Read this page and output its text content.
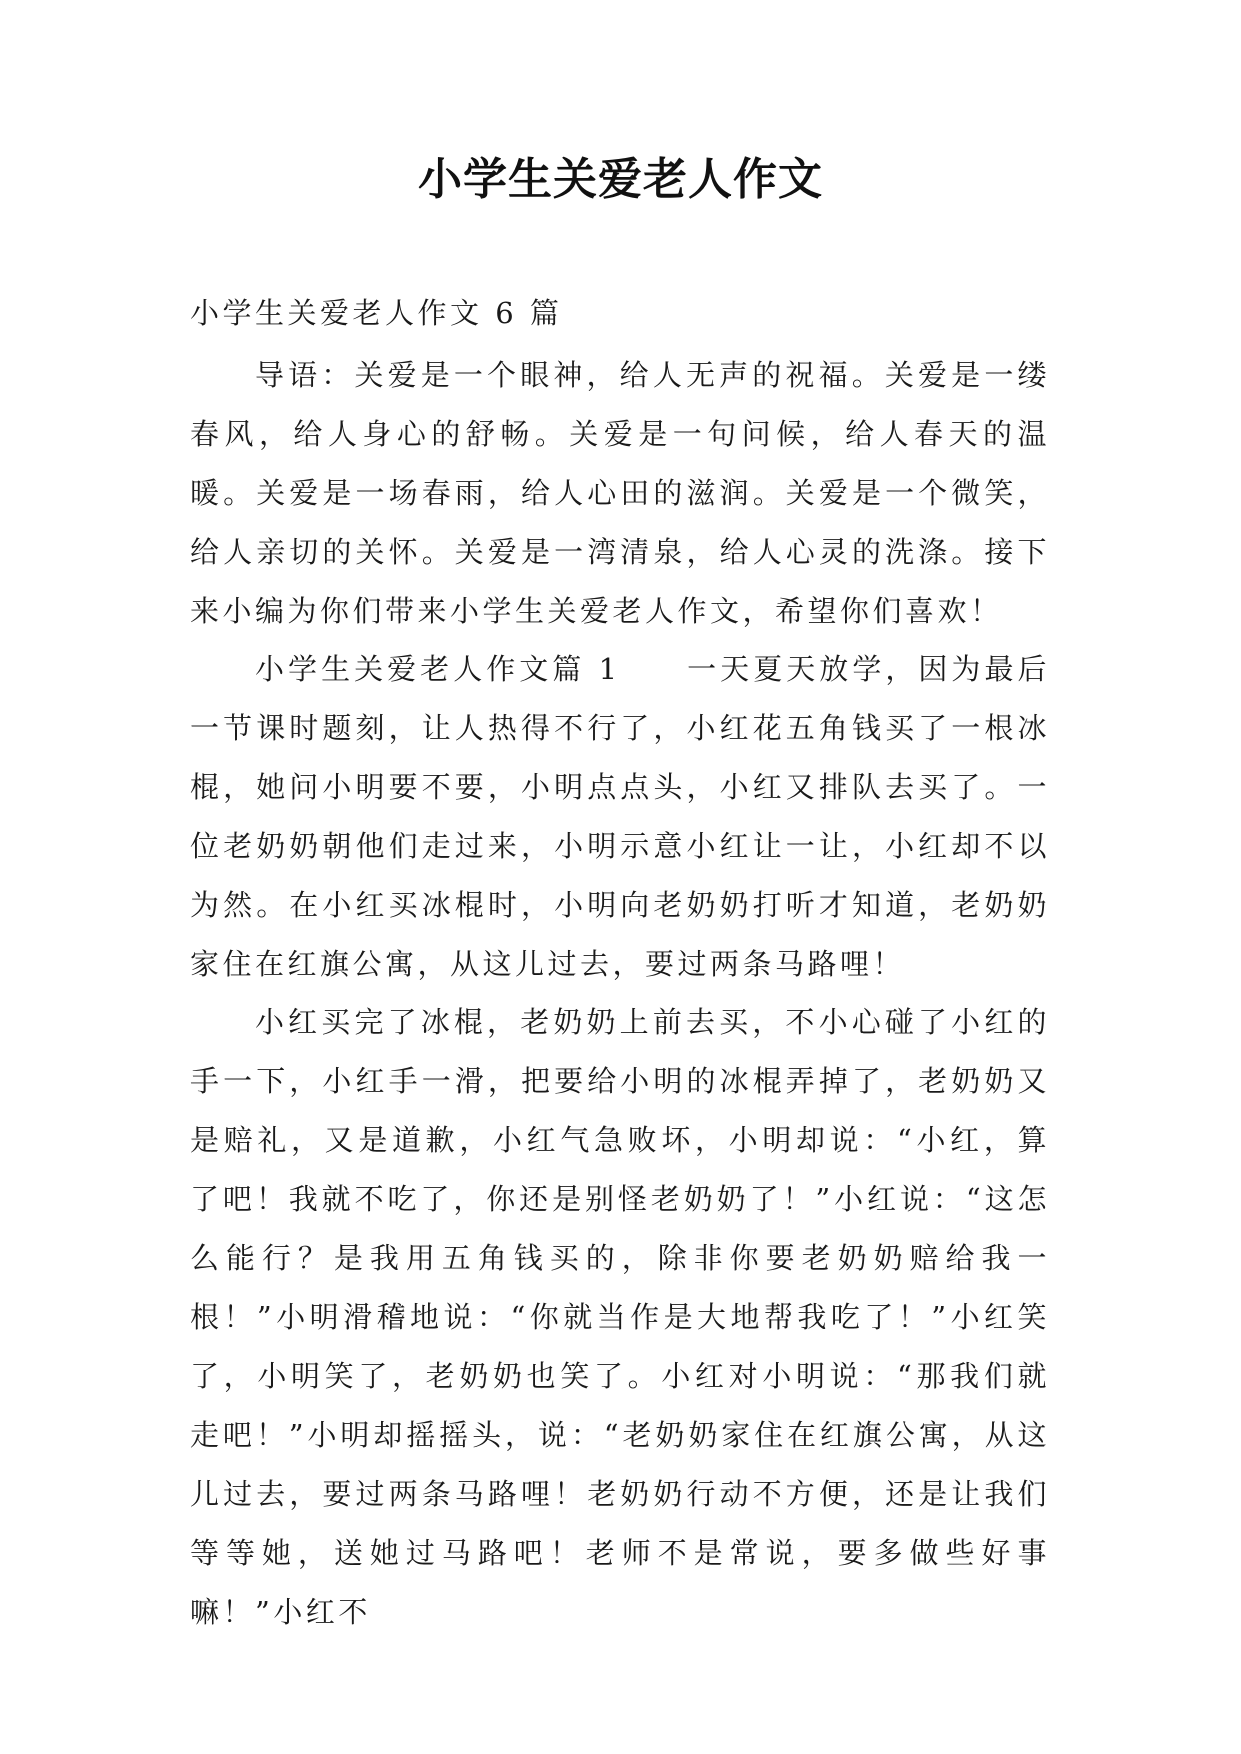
小学生关爱老人作文
小学生关爱老人作文 6 篇

导语：关爱是一个眼神，给人无声的祝福。关爱是一缕春风，给人身心的舒畅。关爱是一句问候，给人春天的温暖。关爱是一场春雨，给人心田的滋润。关爱是一个微笑，给人亲切的关怀。关爱是一湾清泉，给人心灵的洗涤。接下来小编为你们带来小学生关爱老人作文，希望你们喜欢！

小学生关爱老人作文篇 1　　一天夏天放学，因为最后一节课时题刻，让人热得不行了，小红花五角钱买了一根冰棍，她问小明要不要，小明点点头，小红又排队去买了。一位老奶奶朝他们走过来，小明示意小红让一让，小红却不以为然。在小红买冰棍时，小明向老奶奶打听才知道，老奶奶家住在红旗公寓，从这儿过去，要过两条马路哩！

小红买完了冰棍，老奶奶上前去买，不小心碰了小红的手一下，小红手一滑，把要给小明的冰棍弄掉了，老奶奶又是赔礼，又是道歉，小红气急败坏，小明却说：“小红，算了吧！我就不吃了，你还是别怪老奶奶了！”小红说：“这怎么能行？是我用五角钱买的，除非你要老奶奶赔给我一根！”小明滑稽地说：“你就当作是大地帮我吃了！”小红笑了，小明笑了，老奶奶也笑了。小红对小明说：“那我们就走吧！”小明却摇摇头，说：“老奶奶家住在红旗公寓，从这儿过去，要过两条马路哩！老奶奶行动不方便，还是让我们等等她，送她过马路吧！老师不是常说，要多做些好事嘛！”小红不
